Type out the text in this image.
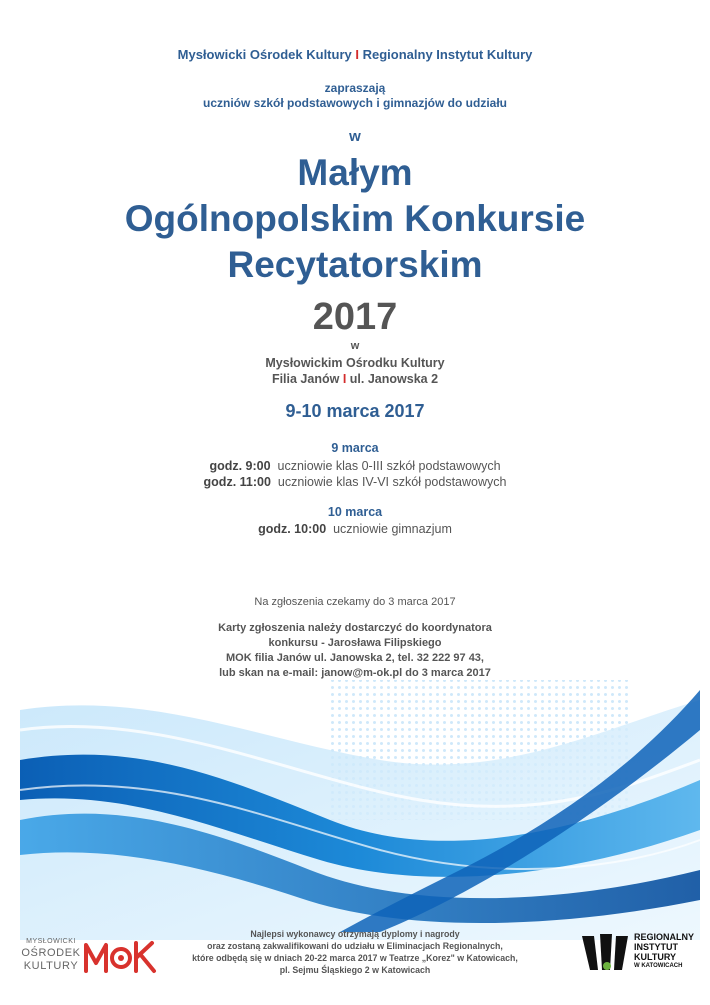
Mysłowicki Ośrodek Kultury I Regionalny Instytut Kultury
zapraszają
uczniów szkół podstawowych i gimnazjów do udziału
w
Małym
Ogólnopolskim Konkursie
Recytatorskim
2017
w
Mysłowickim Ośrodku Kultury
Filia Janów I ul. Janowska 2
9-10 marca 2017
9 marca
godz. 9:00 uczniowie klas 0-III szkół podstawowych
godz. 11:00 uczniowie klas IV-VI szkół podstawowych
10 marca
godz. 10:00 uczniowie gimnazjum
Na zgłoszenia czekamy do 3 marca 2017
Karty zgłoszenia należy dostarczyć do koordynatora
konkursu - Jarosława Filipskiego
MOK filia Janów ul. Janowska 2, tel. 32 222 97 43,
lub skan na e-mail: janow@m-ok.pl do 3 marca 2017
Najlepsi wykonawcy otrzymają dyplomy i nagrody
oraz zostaną zakwalifikowani do udziału w Eliminacjach Regionalnych,
które odbędą się w dniach 20-22 marca 2017 w Teatrze „Korez" w Katowicach,
pl. Sejmu Śląskiego 2 w Katowicach
MYSŁOWICKI
OŚRODEK
KULTURY
REGIONALNY
INSTYTUT
KULTURY
W KATOWICACH
